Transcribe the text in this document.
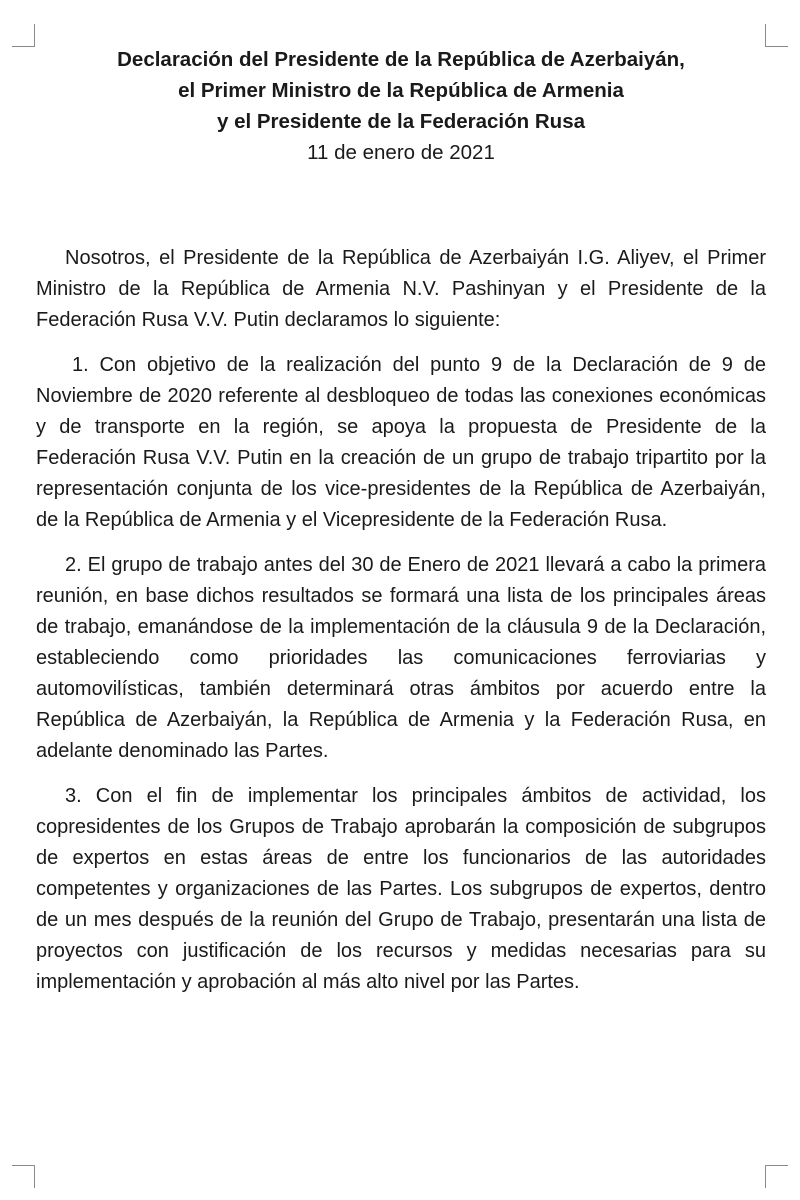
Declaración del Presidente de la República de Azerbaiyán,
el Primer Ministro de la República de Armenia
y el Presidente de la Federación Rusa
11 de enero de 2021

Nosotros, el Presidente de la República de Azerbaiyán I.G. Aliyev, el Primer Ministro de la República de Armenia N.V. Pashinyan y el Presidente de la Federación Rusa V.V. Putin declaramos lo siguiente:

1. Con objetivo de la realización del punto 9 de la Declaración de 9 de Noviembre de 2020 referente al desbloqueo de todas las conexiones económicas y de transporte en la región, se apoya la propuesta de Presidente de la Federación Rusa V.V. Putin en la creación de un grupo de trabajo tripartito por la representación conjunta de los vice-presidentes de la República de Azerbaiyán, de la República de Armenia y el Vicepresidente de la Federación Rusa.

2. El grupo de trabajo antes del 30 de Enero de 2021 llevará a cabo la primera reunión, en base dichos resultados se formará una lista de los principales áreas de trabajo, emanándose de la implementación de la cláusula 9 de la Declaración, estableciendo como prioridades las comunicaciones ferroviarias y automovilísticas, también determinará otras ámbitos por acuerdo entre la República de Azerbaiyán, la República de Armenia y la Federación Rusa, en adelante denominado las Partes.

3. Con el fin de implementar los principales ámbitos de actividad, los copresidentes de los Grupos de Trabajo aprobarán la composición de subgrupos de expertos en estas áreas de entre los funcionarios de las autoridades competentes y organizaciones de las Partes. Los subgrupos de expertos, dentro de un mes después de la reunión del Grupo de Trabajo, presentarán una lista de proyectos con justificación de los recursos y medidas necesarias para su implementación y aprobación al más alto nivel por las Partes.
